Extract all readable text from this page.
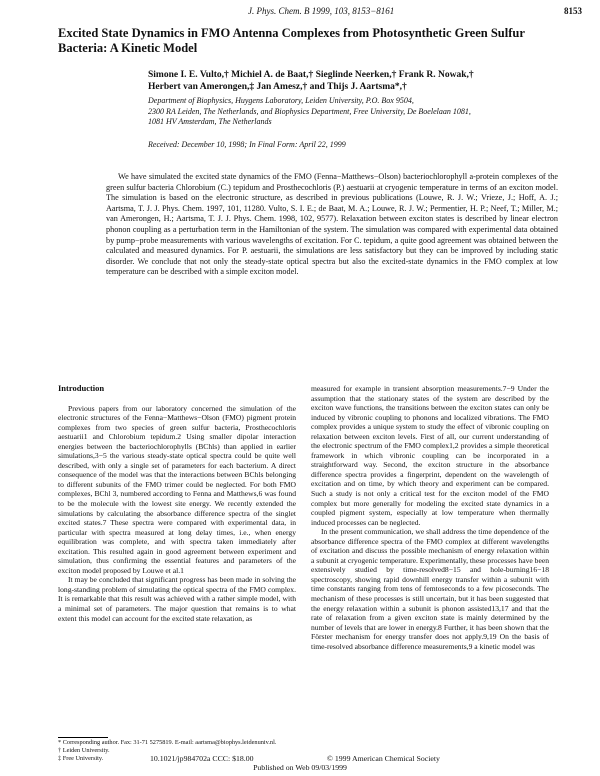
J. Phys. Chem. B 1999, 103, 8153−8161	8153
Excited State Dynamics in FMO Antenna Complexes from Photosynthetic Green Sulfur Bacteria: A Kinetic Model
Simone I. E. Vulto,† Michiel A. de Baat,† Sieglinde Neerken,† Frank R. Nowak,†
Herbert van Amerongen,‡ Jan Amesz,† and Thijs J. Aartsma*,†
Department of Biophysics, Huygens Laboratory, Leiden University, P.O. Box 9504,
2300 RA Leiden, The Netherlands, and Biophysics Department, Free University, De Boelelaan 1081,
1081 HV Amsterdam, The Netherlands
Received: December 10, 1998; In Final Form: April 22, 1999

We have simulated the excited state dynamics of the FMO (Fenna−Matthews−Olson) bacteriochlorophyll a-protein complexes of the green sulfur bacteria Chlorobium (C.) tepidum and Prosthecochloris (P.) aestuarii at cryogenic temperature in terms of an exciton model. The simulation is based on the electronic structure, as described in previous publications (Louwe, R. J. W.; Vrieze, J.; Hoff, A. J.; Aartsma, T. J. J. Phys. Chem. 1997, 101, 11280. Vulto, S. I. E.; de Baat, M. A.; Louwe, R. J. W.; Permentier, H. P.; Neef, T.; Miller, M.; van Amerongen, H.; Aartsma, T. J. J. Phys. Chem. 1998, 102, 9577). Relaxation between exciton states is described by linear electron phonon coupling as a perturbation term in the Hamiltonian of the system. The simulation was compared with experimental data obtained by pump−probe measurements with various wavelengths of excitation. For C. tepidum, a quite good agreement was obtained between the calculated and measured dynamics. For P. aestuarii, the simulations are less satisfactory but they can be improved by including static disorder. We conclude that not only the steady-state optical spectra but also the excited-state dynamics in the FMO complex at low temperature can be described with a simple exciton model.

Introduction

Previous papers from our laboratory concerned the simulation of the electronic structures of the Fenna−Matthews−Olson (FMO) pigment protein complexes from two species of green sulfur bacteria, Prosthecochloris aestuarii1 and Chlorobium tepidum.2 Using smaller dipolar interaction energies between the bacteriochlorophylls (BChls) than applied in earlier simulations,3−5 the various steady-state optical spectra could be quite well described, with only a single set of parameters for each bacterium. A direct consequence of the model was that the interactions between BChls belonging to different subunits of the FMO trimer could be neglected. For both FMO complexes, BChl 3, numbered according to Fenna and Matthews,6 was found to be the molecule with the lowest site energy. We recently extended the simulations by calculating the absorbance difference spectra of the singlet excited states.7 These spectra were compared with experimental data, in particular with spectra measured at long delay times, i.e., when energy equilibration was complete, and with spectra taken immediately after excitation. This resulted again in good agreement between experiment and simulation, thus confirming the essential features and parameters of the exciton model proposed by Louwe et al.1

It may be concluded that significant progress has been made in solving the long-standing problem of simulating the optical spectra of the FMO complex. It is remarkable that this result was achieved with a rather simple model, with a minimal set of parameters. The major question that remains is to what extent this model can account for the excited state relaxation, as

measured for example in transient absorption measurements.7−9 Under the assumption that the stationary states of the system are described by the exciton wave functions, the transitions between the exciton states can only be induced by vibronic coupling to phonons and localized vibrations. The FMO complex provides a unique system to study the effect of vibronic coupling on relaxation between exciton levels. First of all, our current understanding of the electronic spectrum of the FMO complex1,2 provides a simple theoretical framework in which vibronic coupling can be incorporated in a straightforward way. Second, the exciton structure in the absorbance difference spectra provides a fingerprint, dependent on the wavelength of excitation and on time, by which theory and experiment can be compared. Such a study is not only a critical test for the exciton model of the FMO complex but more generally for modeling the excited state dynamics in a coupled pigment system, especially at low temperature when thermally induced processes can be neglected.

In the present communication, we shall address the time dependence of the absorbance difference spectra of the FMO complex at different wavelengths of excitation and discuss the possible mechanism of energy relaxation within a subunit at cryogenic temperature. Experimentally, these processes have been extensively studied by time-resolved8−15 and hole-burning16−18 spectroscopy, showing rapid downhill energy transfer within a subunit with time constants ranging from tens of femtoseconds to a few picoseconds. The mechanism of these processes is still uncertain, but it has been suggested that the energy relaxation within a subunit is phonon assisted13,17 and that the rate of relaxation from a given exciton state is mainly determined by the number of levels that are lower in energy.8 Further, it has been shown that the Förster mechanism for energy transfer does not apply.9,19 On the basis of time-resolved absorbance difference measurements,9 a kinetic model was

* Corresponding author. Fax: 31-71 5275819. E-mail: aartsma@biophys.leidenuniv.nl.
† Leiden University.
‡ Free University.	10.1021/jp984702a CCC: $18.00	© 1999 American Chemical Society
Published on Web 09/03/1999
